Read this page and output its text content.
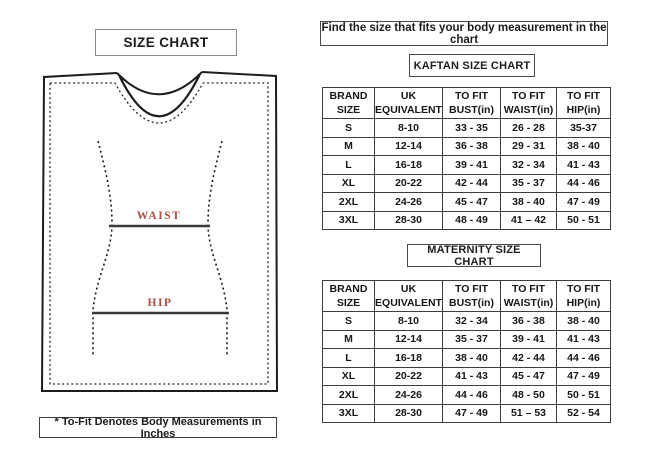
SIZE CHART
WAIST
HIP
* To-Fit Denotes Body Measurements in Inches
Find the size that fits your body measurement in the chart
KAFTAN SIZE CHART
BRAND
SIZE

UK
EQUIVALENT

TO FIT
BUST(in)

TO FIT
WAIST(in)

TO FIT
HIP(in)

S	8-10	33 - 35	26 - 28	35-37
M	12-14	36 - 38	29 - 31	38 - 40
L	16-18	39 - 41	32 - 34	41 - 43
XL	20-22	42 - 44	35 - 37	44 - 46
2XL	24-26	45 - 47	38 - 40	47 - 49
3XL	28-30	48 - 49	41 – 42	50 - 51
MATERNITY SIZE CHART
BRAND
SIZE

UK
EQUIVALENT

TO FIT
BUST(in)

TO FIT
WAIST(in)

TO FIT
HIP(in)

S	8-10	32 - 34	36 - 38	38 - 40
M	12-14	35 - 37	39 - 41	41 - 43
L	16-18	38 - 40	42 - 44	44 - 46
XL	20-22	41 - 43	45 - 47	47 - 49
2XL	24-26	44 - 46	48 - 50	50 - 51
3XL	28-30	47 - 49	51 – 53	52 - 54
